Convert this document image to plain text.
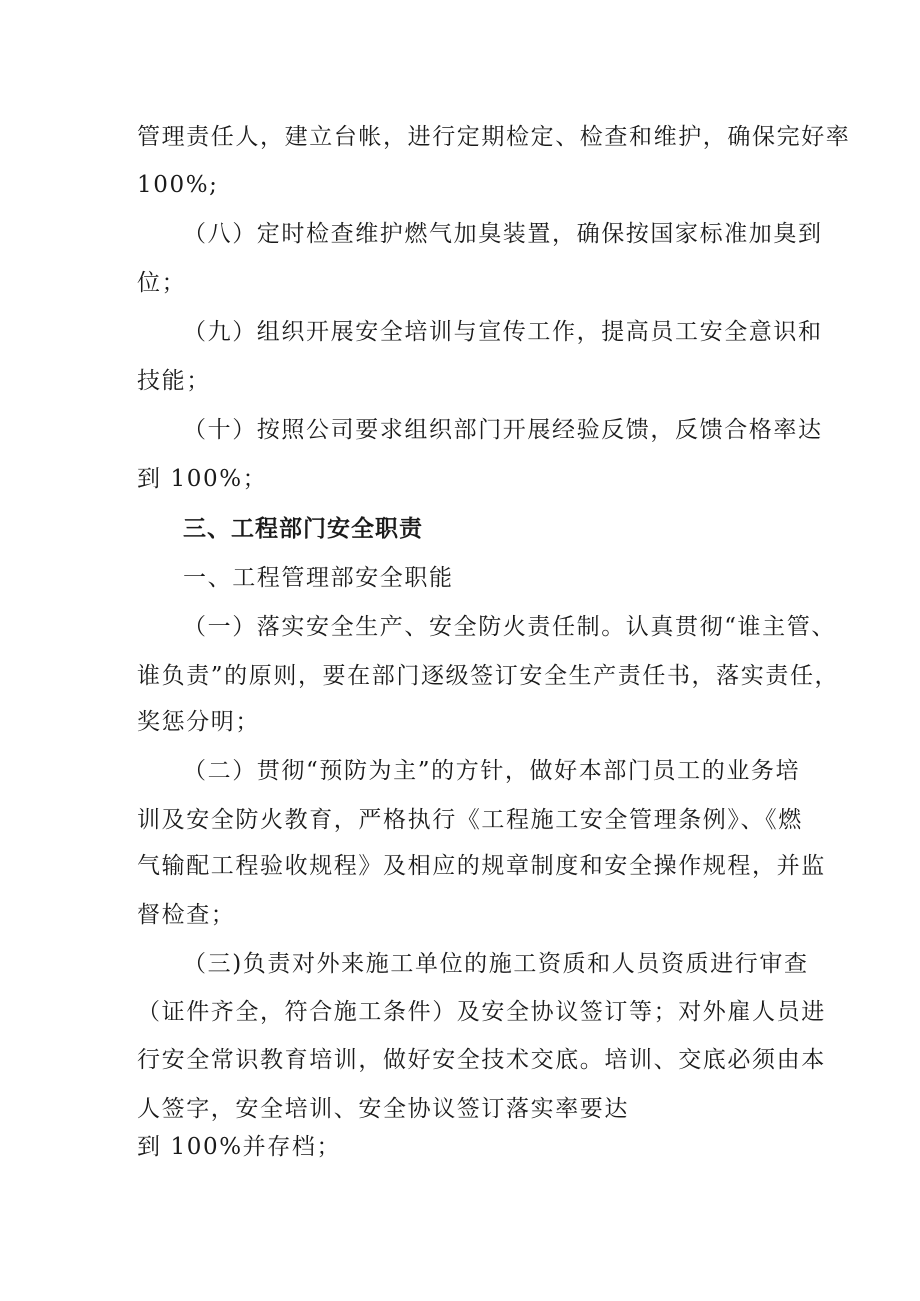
管理责任人，建立台帐，进行定期检定、检查和维护，确保完好率
100%;
（八）定时检查维护燃气加臭装置，确保按国家标准加臭到
位；
（九）组织开展安全培训与宣传工作，提高员工安全意识和
技能；
（十）按照公司要求组织部门开展经验反馈，反馈合格率达
到 100%；
三、工程部门安全职责
一、工程管理部安全职能
（一）落实安全生产、安全防火责任制。认真贯彻“谁主管、
谁负责”的原则，要在部门逐级签订安全生产责任书，落实责任，
奖惩分明；
（二）贯彻“预防为主”的方针，做好本部门员工的业务培
训及安全防火教育，严格执行《工程施工安全管理条例》、《燃
气输配工程验收规程》及相应的规章制度和安全操作规程，并监
督检查；
（三)负责对外来施工单位的施工资质和人员资质进行审查
（证件齐全，符合施工条件）及安全协议签订等；对外雇人员进
行安全常识教育培训，做好安全技术交底。培训、交底必须由本
人签字，安全培训、安全协议签订落实率要达
到 100%并存档；
